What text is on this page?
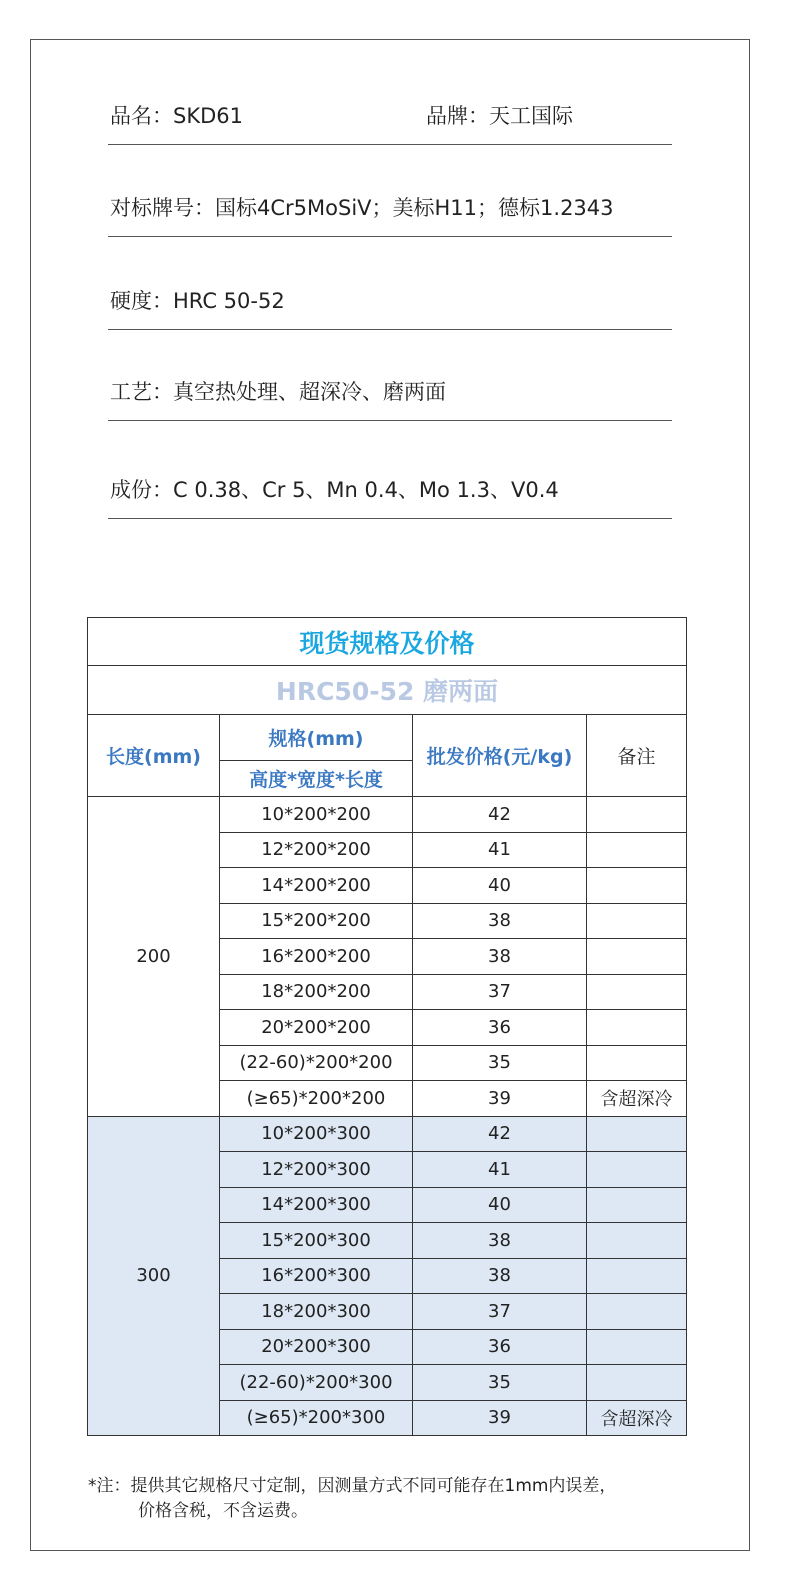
品名：SKD61	品牌：天工国际
对标牌号：国标4Cr5MoSiV；美标H11；德标1.2343
硬度：HRC 50-52
工艺：真空热处理、超深冷、磨两面
成份：C 0.38、Cr 5、Mn 0.4、Mo 1.3、V0.4
现货规格及价格			
HRC50-52 磨两面			
长度(mm)	规格(mm)	批发价格(元/kg)	备注
	高度*宽度*长度		
200	10*200*200	42	
	12*200*200	41	
	14*200*200	40	
	15*200*200	38	
	16*200*200	38	
	18*200*200	37	
	20*200*200	36	
	(22-60)*200*200	35	
	(≥65)*200*200	39	含超深冷
300	10*200*300	42	
	12*200*300	41	
	14*200*300	40	
	15*200*300	38	
	16*200*300	38	
	18*200*300	37	
	20*200*300	36	
	(22-60)*200*300	35	
	(≥65)*200*300	39	含超深冷
*注：提供其它规格尺寸定制，因测量方式不同可能存在1mm内误差，
价格含税，不含运费。
